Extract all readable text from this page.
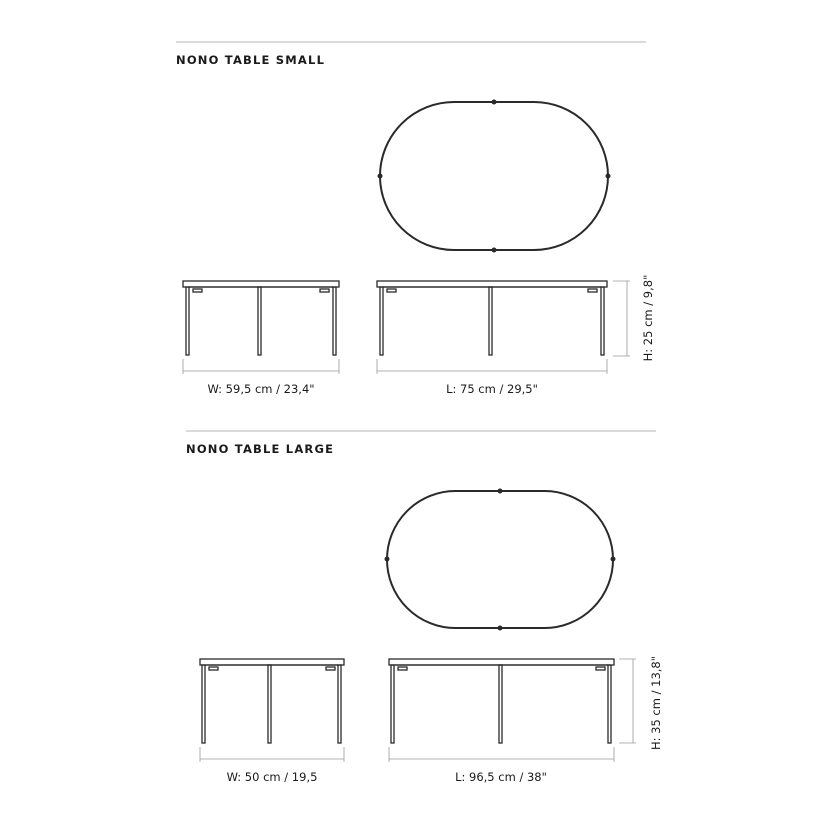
NONO TABLE SMALL
W: 59,5 cm / 23,4"	L: 75 cm / 29,5"
H: 25 cm / 9,8"
NONO TABLE LARGE
W: 50 cm / 19,5	L: 96,5 cm / 38"
H: 35 cm / 13,8"
